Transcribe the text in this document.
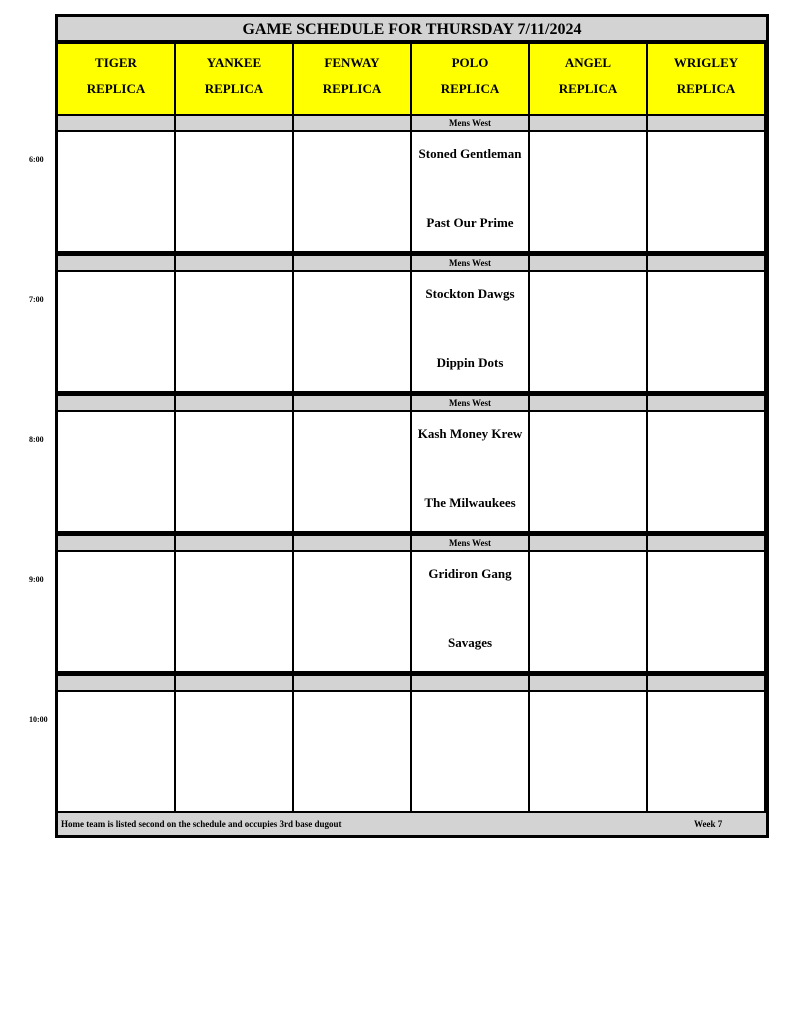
GAME SCHEDULE FOR THURSDAY 7/11/2024
TIGER
REPLICA
YANKEE
REPLICA
FENWAY
REPLICA
POLO
REPLICA
ANGEL
REPLICA
WRIGLEY
REPLICA
Mens West
Stoned Gentleman
Past Our Prime
Mens West
Stockton Dawgs
Dippin Dots
Mens West
Kash Money Krew
The Milwaukees
Mens West
Gridiron Gang
Savages
Home team is listed second on the schedule and occupies 3rd base dugout	Week 7
6:00
7:00
8:00
9:00
10:00
